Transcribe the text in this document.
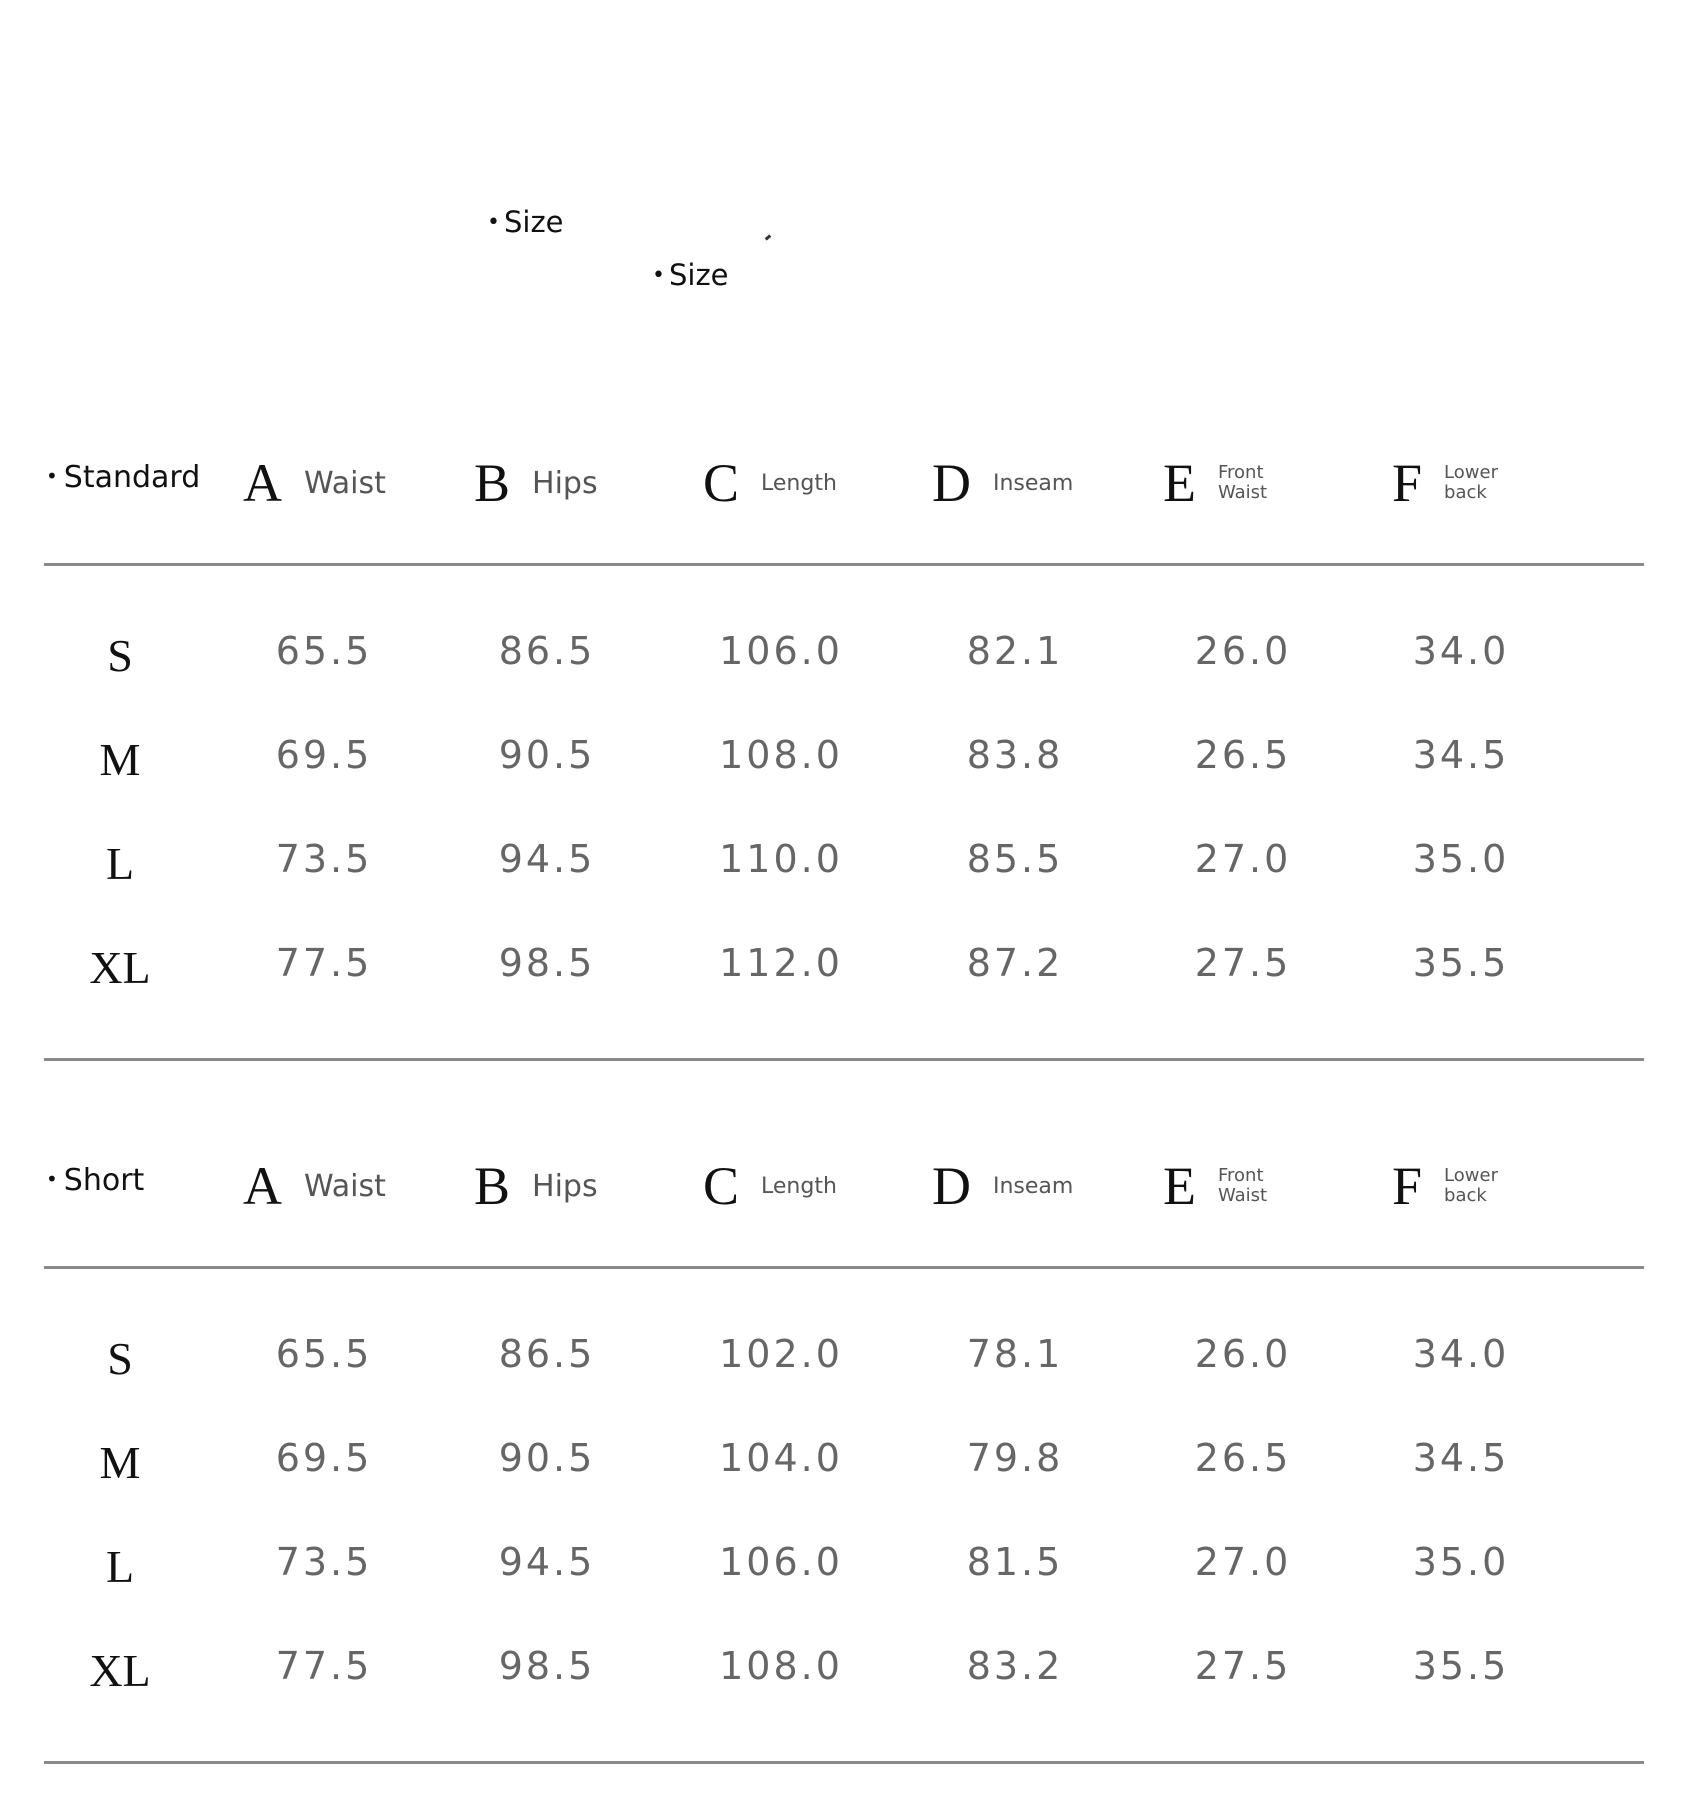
• Size
• Size
• Standard A Waist B Hips C Length D Inseam E Front Waist F Lower back
S	65.5	86.5	106.0	82.1	26.0	34.0
M	69.5	90.5	108.0	83.8	26.5	34.5
L	73.5	94.5	110.0	85.5	27.0	35.0
XL	77.5	98.5	112.0	87.2	27.5	35.5
• Short A Waist B Hips C Length D Inseam E Front Waist F Lower back
S	65.5	86.5	102.0	78.1	26.0	34.0
M	69.5	90.5	104.0	79.8	26.5	34.5
L	73.5	94.5	106.0	81.5	27.0	35.0
XL	77.5	98.5	108.0	83.2	27.5	35.5
